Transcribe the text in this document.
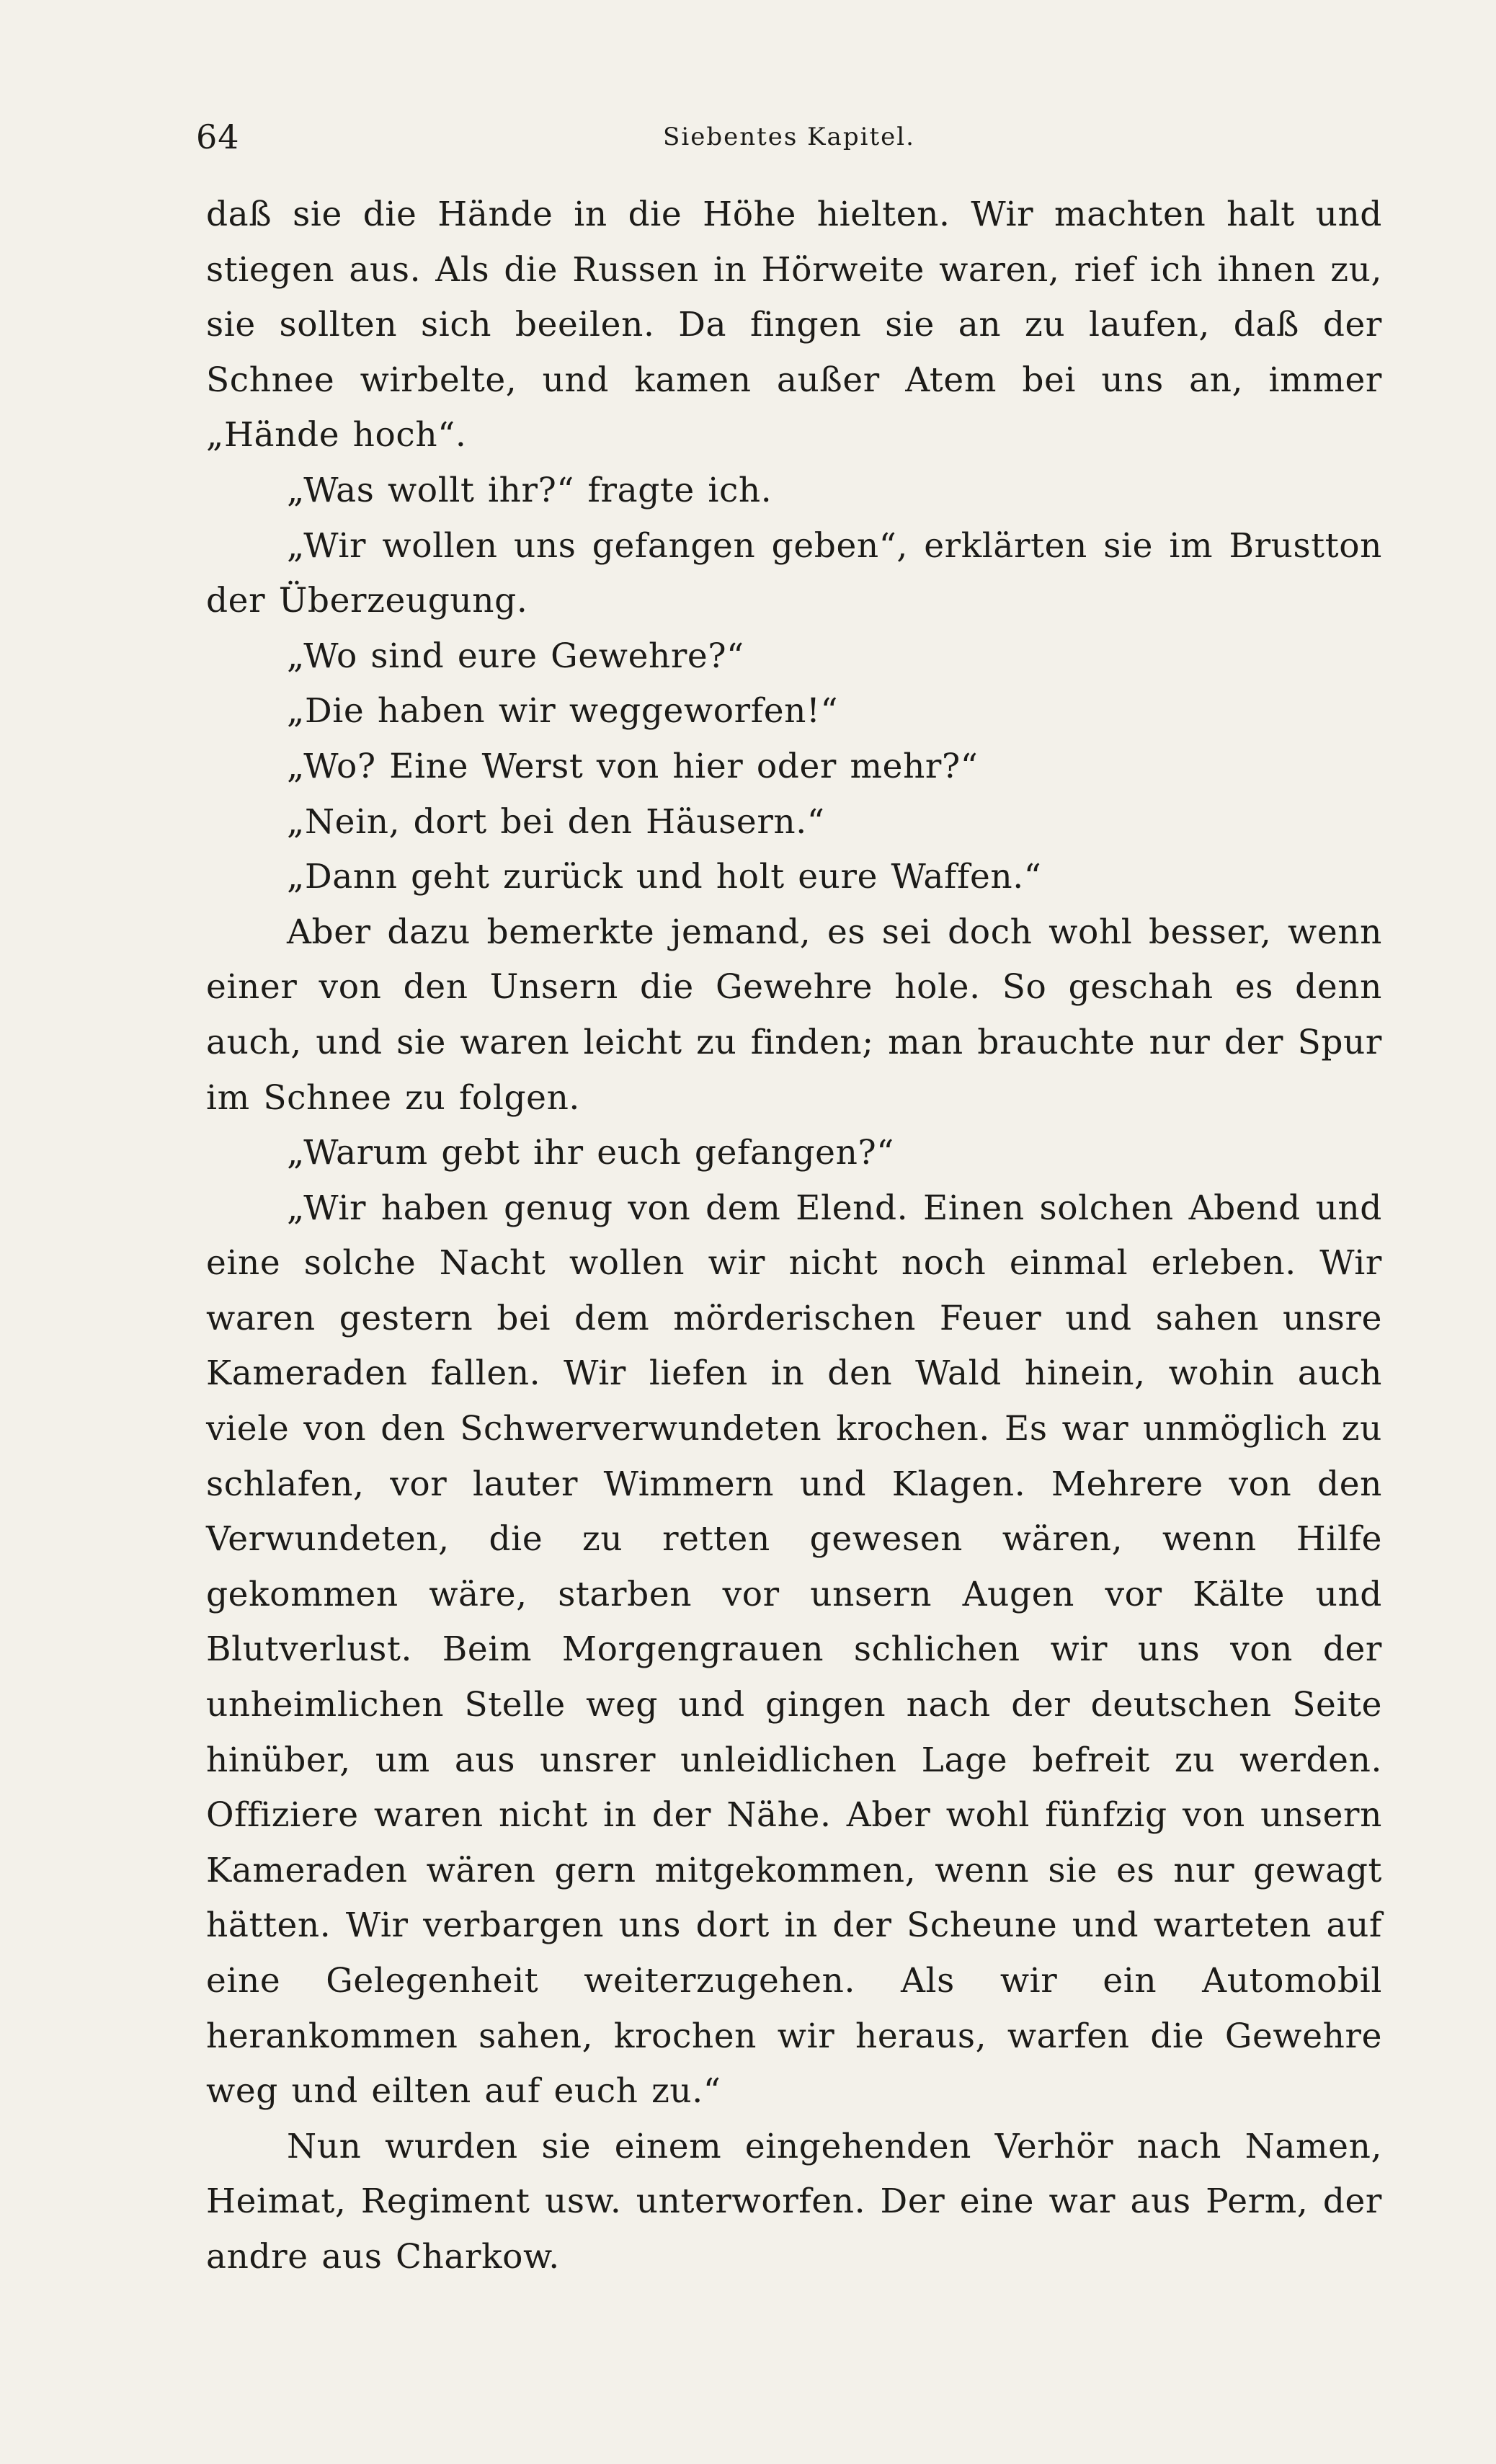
64	Siebentes Kapitel.

daß sie die Hände in die Höhe hielten. Wir machten halt und stiegen aus. Als die Russen in Hörweite waren, rief ich ihnen zu, sie sollten sich beeilen. Da fingen sie an zu laufen, daß der Schnee wirbelte, und kamen außer Atem bei uns an, immer „Hände hoch“.

„Was wollt ihr?“ fragte ich.

„Wir wollen uns gefangen geben“, erklärten sie im Brustton der Überzeugung.

„Wo sind eure Gewehre?“

„Die haben wir weggeworfen!“

„Wo? Eine Werst von hier oder mehr?“

„Nein, dort bei den Häusern.“

„Dann geht zurück und holt eure Waffen.“

Aber dazu bemerkte jemand, es sei doch wohl besser, wenn einer von den Unsern die Gewehre hole. So geschah es denn auch, und sie waren leicht zu finden; man brauchte nur der Spur im Schnee zu folgen.

„Warum gebt ihr euch gefangen?“

„Wir haben genug von dem Elend. Einen solchen Abend und eine solche Nacht wollen wir nicht noch einmal erleben. Wir waren gestern bei dem mörderischen Feuer und sahen unsre Kameraden fallen. Wir liefen in den Wald hinein, wohin auch viele von den Schwerverwundeten krochen. Es war unmöglich zu schlafen, vor lauter Wimmern und Klagen. Mehrere von den Verwundeten, die zu retten gewesen wären, wenn Hilfe gekommen wäre, starben vor unsern Augen vor Kälte und Blutverlust. Beim Morgengrauen schlichen wir uns von der unheimlichen Stelle weg und gingen nach der deutschen Seite hinüber, um aus unsrer unleidlichen Lage befreit zu werden. Offiziere waren nicht in der Nähe. Aber wohl fünfzig von unsern Kameraden wären gern mitgekommen, wenn sie es nur gewagt hätten. Wir verbargen uns dort in der Scheune und warteten auf eine Gelegenheit weiterzugehen. Als wir ein Automobil herankommen sahen, krochen wir heraus, warfen die Gewehre weg und eilten auf euch zu.“

Nun wurden sie einem eingehenden Verhör nach Namen, Heimat, Regiment usw. unterworfen. Der eine war aus Perm, der andre aus Charkow.
